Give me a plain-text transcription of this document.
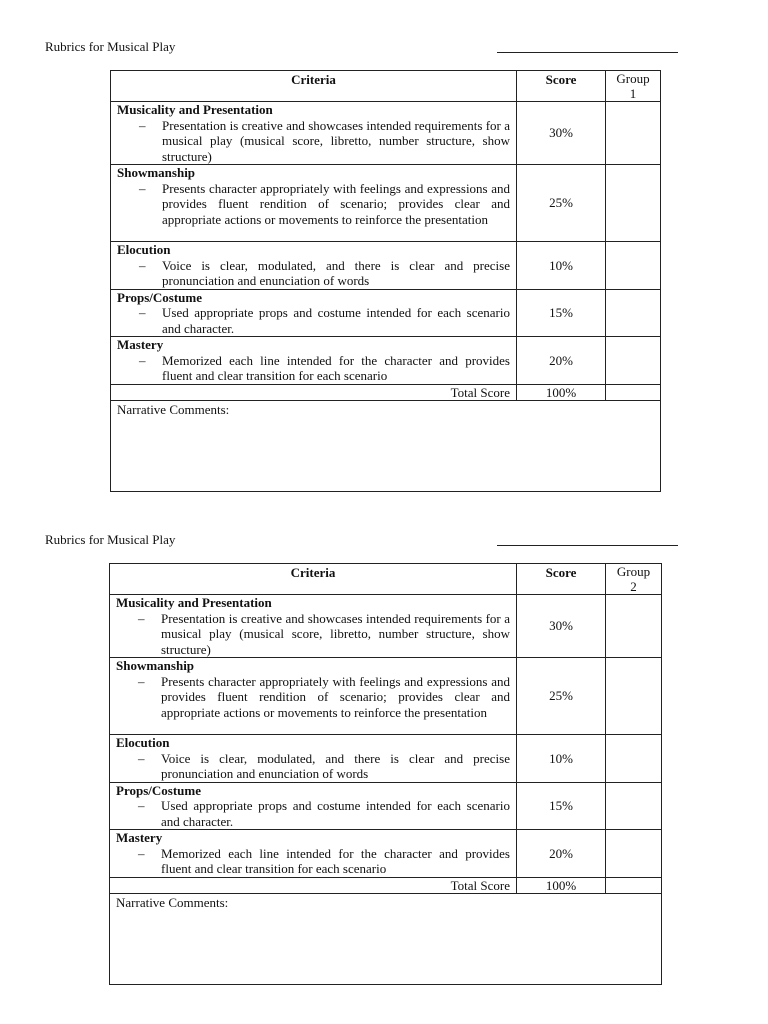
Rubrics for Musical Play
Criteria	Score	Group
1

Musicality and Presentation
– Presentation is creative and showcases intended requirements for a musical play (musical score, libretto, number structure, show structure)	30%	

Showmanship
– Presents character appropriately with feelings and expressions and provides fluent rendition of scenario; provides clear and appropriate actions or movements to reinforce the presentation	25%	

Elocution
– Voice is clear, modulated, and there is clear and precise pronunciation and enunciation of words	10%	

Props/Costume
– Used appropriate props and costume intended for each scenario and character.	15%	

Mastery
– Memorized each line intended for the character and provides fluent and clear transition for each scenario	20%	
Total Score	100%	
Narrative Comments:		
Rubrics for Musical Play
Criteria	Score	Group
2

Musicality and Presentation
– Presentation is creative and showcases intended requirements for a musical play (musical score, libretto, number structure, show structure)	30%	

Showmanship
– Presents character appropriately with feelings and expressions and provides fluent rendition of scenario; provides clear and appropriate actions or movements to reinforce the presentation	25%	

Elocution
– Voice is clear, modulated, and there is clear and precise pronunciation and enunciation of words	10%	

Props/Costume
– Used appropriate props and costume intended for each scenario and character.	15%	

Mastery
– Memorized each line intended for the character and provides fluent and clear transition for each scenario	20%	
Total Score	100%	
Narrative Comments:		
